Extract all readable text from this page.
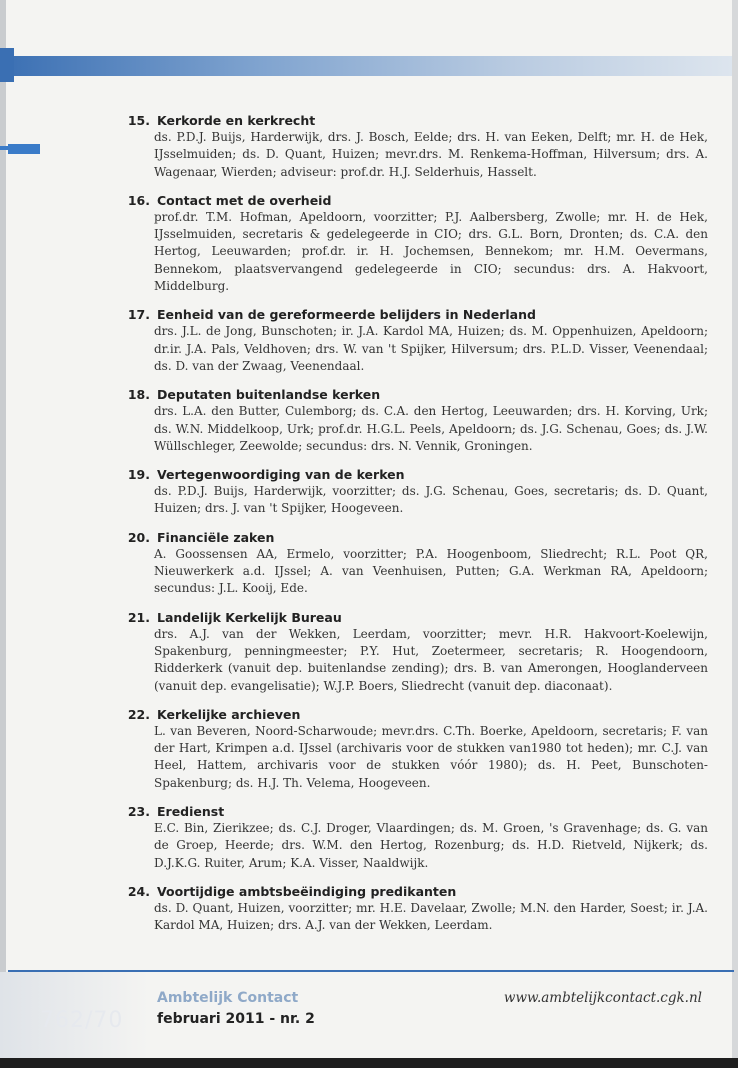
15. Kerkorde en kerkrecht
ds. P.D.J. Buijs, Harderwijk, drs. J. Bosch, Eelde; drs. H. van Eeken, Delft; mr. H. de Hek, IJsselmuiden; ds. D. Quant, Huizen; mevr.drs. M. Renkema-Hoffman, Hilversum; drs. A. Wagenaar, Wierden; adviseur: prof.dr. H.J. Selderhuis, Hasselt.
16. Contact met de overheid
prof.dr. T.M. Hofman, Apeldoorn, voorzitter; P.J. Aalbersberg, Zwolle; mr. H. de Hek, IJsselmuiden, secretaris & gedelegeerde in CIO; drs. G.L. Born, Dronten; ds. C.A. den Hertog, Leeuwarden; prof.dr. ir. H. Jochemsen, Bennekom; mr. H.M. Oevermans, Bennekom, plaatsvervangend gedelegeerde in CIO; secundus: drs. A. Hakvoort, Middelburg.
17. Eenheid van de gereformeerde belijders in Nederland
drs. J.L. de Jong, Bunschoten; ir. J.A. Kardol MA, Huizen; ds. M. Oppenhuizen, Apeldoorn; dr.ir. J.A. Pals, Veldhoven; drs. W. van 't Spijker, Hilversum; drs. P.L.D. Visser, Veenendaal; ds. D. van der Zwaag, Veenendaal.
18. Deputaten buitenlandse kerken
drs. L.A. den Butter, Culemborg; ds. C.A. den Hertog, Leeuwarden; drs. H. Korving, Urk; ds. W.N. Middelkoop, Urk; prof.dr. H.G.L. Peels, Apeldoorn; ds. J.G. Schenau, Goes; ds. J.W. Wüllschleger, Zeewolde; secundus: drs. N. Vennik, Groningen.
19. Vertegenwoordiging van de kerken
ds. P.D.J. Buijs, Harderwijk, voorzitter; ds. J.G. Schenau, Goes, secretaris; ds. D. Quant, Huizen; drs. J. van 't Spijker, Hoogeveen.
20. Financiële zaken
A. Goossensen AA, Ermelo, voorzitter; P.A. Hoogenboom, Sliedrecht; R.L. Poot QR, Nieuwerkerk a.d. IJssel; A. van Veenhuisen, Putten; G.A. Werkman RA, Apeldoorn; secundus: J.L. Kooij, Ede.
21. Landelijk Kerkelijk Bureau
drs. A.J. van der Wekken, Leerdam, voorzitter; mevr. H.R. Hakvoort-Koelewijn, Spakenburg, penningmeester; P.Y. Hut, Zoetermeer, secretaris; R. Hoogendoorn, Ridderkerk (vanuit dep. buitenlandse zending); drs. B. van Amerongen, Hooglanderveen (vanuit dep. evangelisatie); W.J.P. Boers, Sliedrecht (vanuit dep. diaconaat).
22. Kerkelijke archieven
L. van Beveren, Noord-Scharwoude; mevr.drs. C.Th. Boerke, Apeldoorn, secretaris; F. van der Hart, Krimpen a.d. IJssel (archivaris voor de stukken van1980 tot heden); mr. C.J. van Heel, Hattem, archivaris voor de stukken vóór 1980); ds. H. Peet, Bunschoten-Spakenburg; ds. H.J. Th. Velema, Hoogeveen.
23. Eredienst
E.C. Bin, Zierikzee; ds. C.J. Droger, Vlaardingen; ds. M. Groen, 's Gravenhage; ds. G. van de Groep, Heerde; drs. W.M. den Hertog, Rozenburg; ds. H.D. Rietveld, Nijkerk; ds. D.J.K.G. Ruiter, Arum; K.A. Visser, Naaldwijk.
24. Voortijdige ambtsbeëindiging predikanten
ds. D. Quant, Huizen, voorzitter; mr. H.E. Davelaar, Zwolle; M.N. den Harder, Soest; ir. J.A. Kardol MA, Huizen; drs. A.J. van der Wekken, Leerdam.
762/70
Ambtelijk Contact
februari 2011 - nr. 2
www.ambtelijkcontact.cgk.nl
